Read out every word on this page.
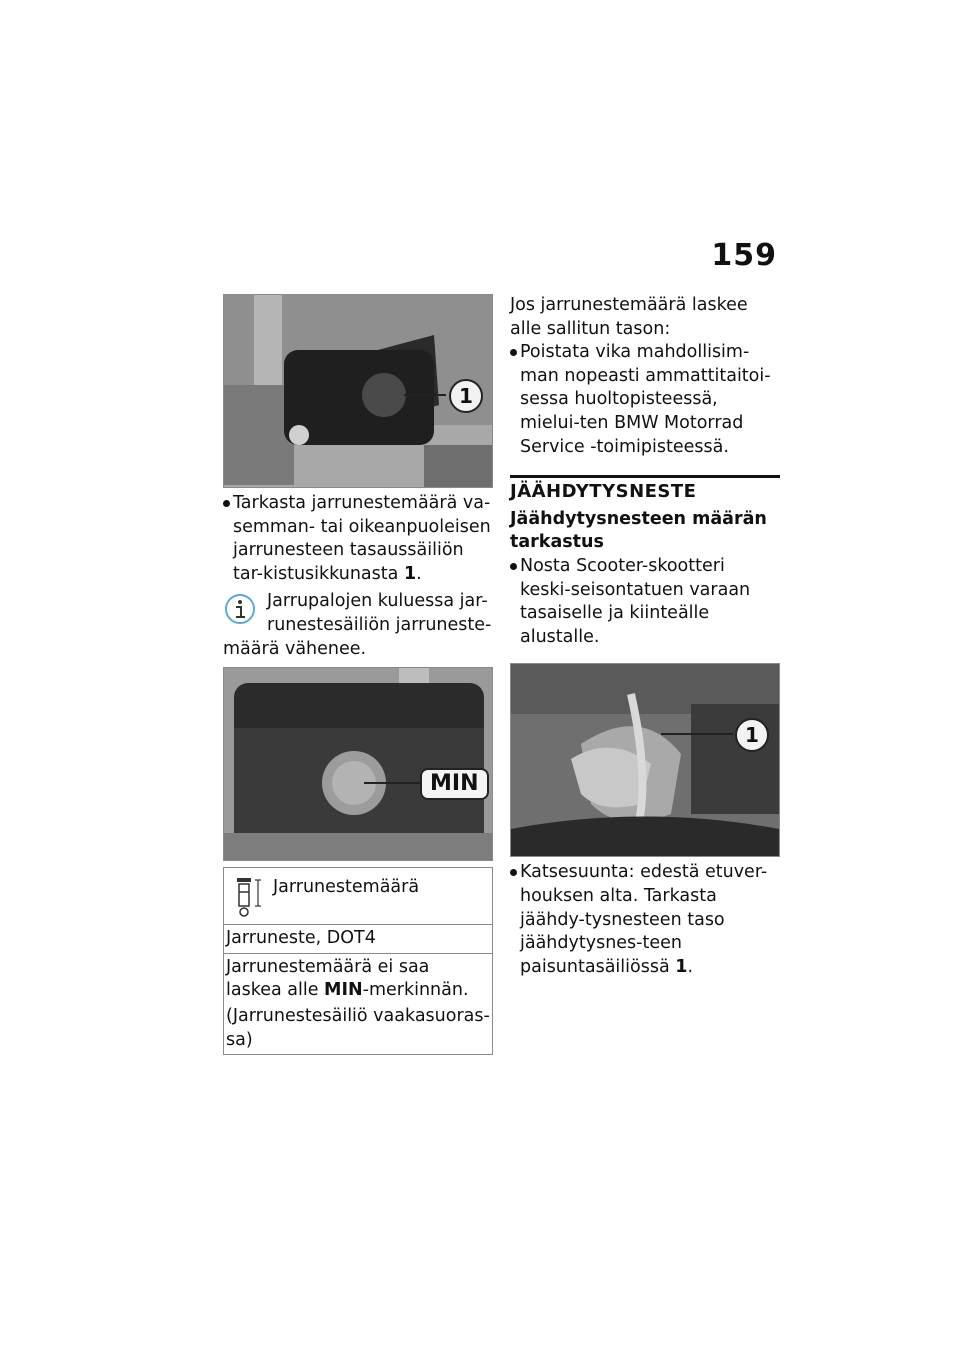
159
1
Tarkasta jarrunestemäärä va-semman- tai oikeanpuoleisen jarrunesteen tasaussäiliön tar-kistusikkunasta 1.
Jarrupalojen kuluessa jar-
runestesäiliön jarruneste-
määrä vähenee.
MIN
Jarrunestemäärä
Jarruneste, DOT4
Jarrunestemäärä ei saa laskea alle MIN-merkinnän.
(Jarrunestesäiliö vaakasuoras-sa)
Jos jarrunestemäärä laskee alle sallitun tason:
Poistata vika mahdollisim-man nopeasti ammattitaitoi-sessa huoltopisteessä, mielui-ten BMW Motorrad Service -toimipisteessä.
JÄÄHDYTYSNESTE
Jäähdytysnesteen määrän tarkastus
Nosta Scooter-skootteri keski-seisontatuen varaan tasaiselle ja kiinteälle alustalle.
1
Katsesuunta: edestä etuver-houksen alta. Tarkasta jäähdy-tysnesteen taso jäähdytysnes-teen paisuntasäiliössä 1.
